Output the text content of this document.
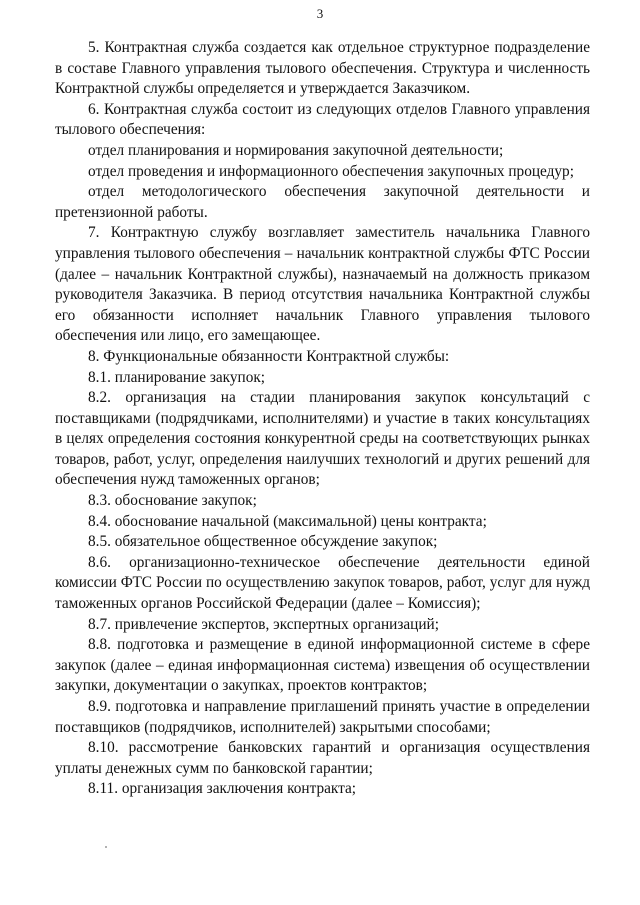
3

5. Контрактная служба создается как отдельное структурное подразделение в составе Главного управления тылового обеспечения. Структура и численность Контрактной службы определяется и утверждается Заказчиком.

6. Контрактная служба состоит из следующих отделов Главного управления тылового обеспечения:

отдел планирования и нормирования закупочной деятельности;

отдел проведения и информационного обеспечения закупочных процедур;

отдел методологического обеспечения закупочной деятельности и претензионной работы.

7. Контрактную службу возглавляет заместитель начальника Главного управления тылового обеспечения – начальник контрактной службы ФТС России (далее – начальник Контрактной службы), назначаемый на должность приказом руководителя Заказчика. В период отсутствия начальника Контрактной службы его обязанности исполняет начальник Главного управления тылового обеспечения или лицо, его замещающее.

8. Функциональные обязанности Контрактной службы:

8.1. планирование закупок;

8.2. организация на стадии планирования закупок консультаций с поставщиками (подрядчиками, исполнителями) и участие в таких консультациях в целях определения состояния конкурентной среды на соответствующих рынках товаров, работ, услуг, определения наилучших технологий и других решений для обеспечения нужд таможенных органов;

8.3. обоснование закупок;

8.4. обоснование начальной (максимальной) цены контракта;

8.5. обязательное общественное обсуждение закупок;

8.6. организационно-техническое обеспечение деятельности единой комиссии ФТС России по осуществлению закупок товаров, работ, услуг для нужд таможенных органов Российской Федерации (далее – Комиссия);

8.7. привлечение экспертов, экспертных организаций;

8.8. подготовка и размещение в единой информационной системе в сфере закупок (далее – единая информационная система) извещения об осуществлении закупки, документации о закупках, проектов контрактов;

8.9. подготовка и направление приглашений принять участие в определении поставщиков (подрядчиков, исполнителей) закрытыми способами;

8.10. рассмотрение банковских гарантий и организация осуществления уплаты денежных сумм по банковской гарантии;

8.11. организация заключения контракта;
